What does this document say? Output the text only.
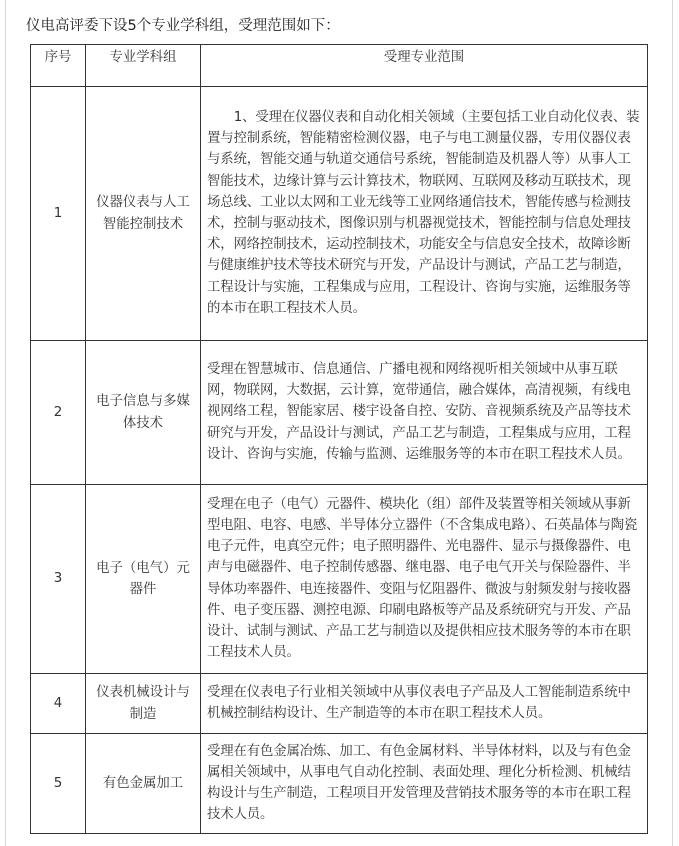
仪电高评委下设5个专业学科组，受理范围如下：
序号	专业学科组	受理专业范围
1	仪器仪表与人工智能控制技术	1、受理在仪器仪表和自动化相关领域（主要包括工业自动化仪表、装置与控制系统，智能精密检测仪器，电子与电工测量仪器，专用仪器仪表与系统，智能交通与轨道交通信号系统，智能制造及机器人等）从事人工智能技术，边缘计算与云计算技术，物联网、互联网及移动互联技术，现场总线、工业以太网和工业无线等工业网络通信技术，智能传感与检测技术，控制与驱动技术，图像识别与机器视觉技术，智能控制与信息处理技术，网络控制技术，运动控制技术，功能安全与信息安全技术，故障诊断与健康维护技术等技术研究与开发，产品设计与测试，产品工艺与制造，工程设计与实施，工程集成与应用，工程设计、咨询与实施，运维服务等的本市在职工程技术人员。
2	电子信息与多媒体技术	受理在智慧城市、信息通信、广播电视和网络视听相关领域中从事互联网，物联网，大数据，云计算，宽带通信，融合媒体，高清视频，有线电视网络工程，智能家居、楼宇设备自控、安防、音视频系统及产品等技术研究与开发，产品设计与测试，产品工艺与制造，工程集成与应用，工程设计、咨询与实施，传输与监测、运维服务等的本市在职工程技术人员。
3	电子（电气）元器件	受理在电子（电气）元器件、模块化（组）部件及装置等相关领域从事新型电阻、电容、电感、半导体分立器件（不含集成电路）、石英晶体与陶瓷电子元件，电真空元件；电子照明器件、光电器件、显示与摄像器件、电声与电磁器件、电子控制传感器、继电器、电子电气开关与保险器件、半导体功率器件、电连接器件、变阻与忆阻器件、微波与射频发射与接收器件、电子变压器、测控电源、印刷电路板等产品及系统研究与开发、产品设计、试制与测试、产品工艺与制造以及提供相应技术服务等的本市在职工程技术人员。
4	仪表机械设计与制造	受理在仪表电子行业相关领域中从事仪表电子产品及人工智能制造系统中机械控制结构设计、生产制造等的本市在职工程技术人员。
5	有色金属加工	受理在有色金属冶炼、加工、有色金属材料、半导体材料，以及与有色金属相关领域中，从事电气自动化控制、表面处理、理化分析检测、机械结构设计与生产制造，工程项目开发管理及营销技术服务等的本市在职工程技术人员。
